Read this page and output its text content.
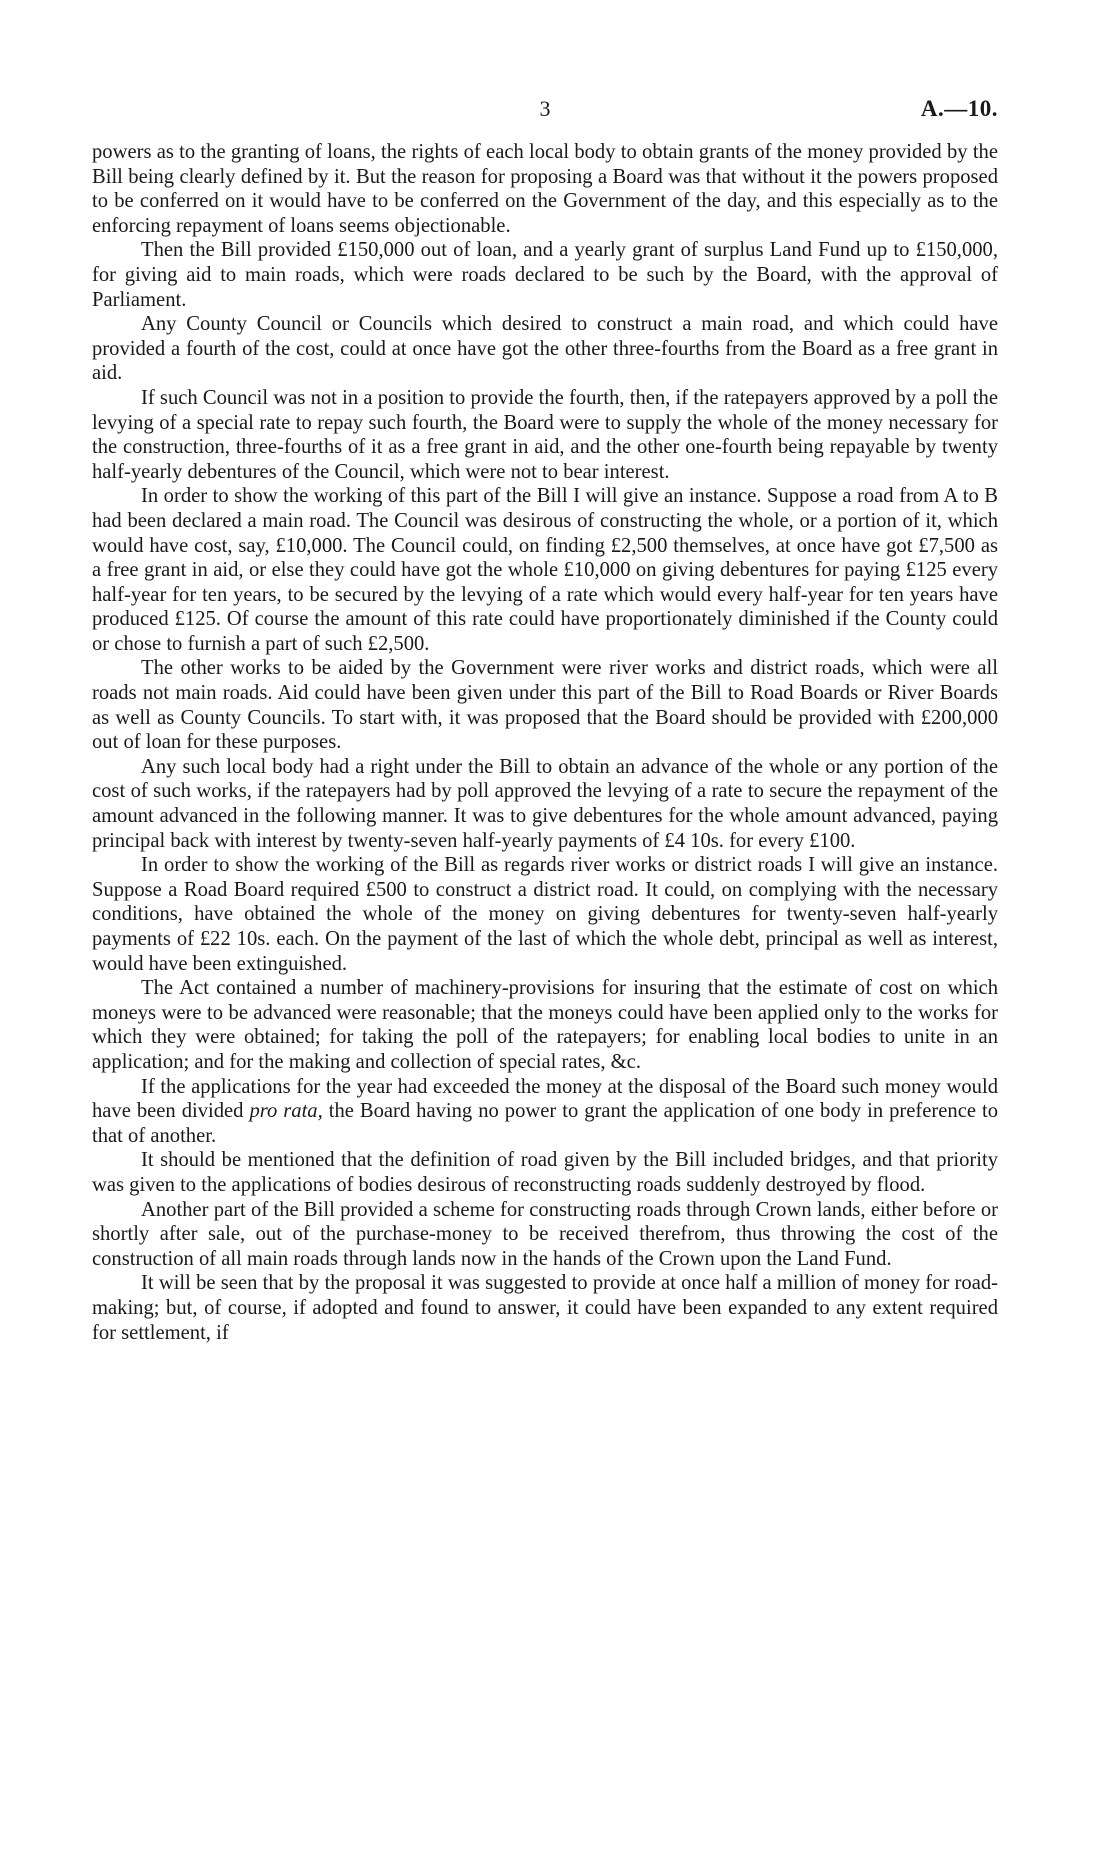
3	A.—10.

powers as to the granting of loans, the rights of each local body to obtain grants of the money provided by the Bill being clearly defined by it. But the reason for proposing a Board was that without it the powers proposed to be conferred on it would have to be conferred on the Government of the day, and this especially as to the enforcing repayment of loans seems objectionable.

Then the Bill provided £150,000 out of loan, and a yearly grant of surplus Land Fund up to £150,000, for giving aid to main roads, which were roads declared to be such by the Board, with the approval of Parliament.

Any County Council or Councils which desired to construct a main road, and which could have provided a fourth of the cost, could at once have got the other three-fourths from the Board as a free grant in aid.

If such Council was not in a position to provide the fourth, then, if the ratepayers approved by a poll the levying of a special rate to repay such fourth, the Board were to supply the whole of the money necessary for the construction, three-fourths of it as a free grant in aid, and the other one-fourth being repayable by twenty half-yearly debentures of the Council, which were not to bear interest.

In order to show the working of this part of the Bill I will give an instance. Suppose a road from A to B had been declared a main road. The Council was desirous of constructing the whole, or a portion of it, which would have cost, say, £10,000. The Council could, on finding £2,500 themselves, at once have got £7,500 as a free grant in aid, or else they could have got the whole £10,000 on giving debentures for paying £125 every half-year for ten years, to be secured by the levying of a rate which would every half-year for ten years have produced £125. Of course the amount of this rate could have proportionately diminished if the County could or chose to furnish a part of such £2,500.

The other works to be aided by the Government were river works and district roads, which were all roads not main roads. Aid could have been given under this part of the Bill to Road Boards or River Boards as well as County Councils. To start with, it was proposed that the Board should be provided with £200,000 out of loan for these purposes.

Any such local body had a right under the Bill to obtain an advance of the whole or any portion of the cost of such works, if the ratepayers had by poll approved the levying of a rate to secure the repayment of the amount advanced in the following manner. It was to give debentures for the whole amount advanced, paying principal back with interest by twenty-seven half-yearly payments of £4 10s. for every £100.

In order to show the working of the Bill as regards river works or district roads I will give an instance. Suppose a Road Board required £500 to construct a district road. It could, on complying with the necessary conditions, have obtained the whole of the money on giving debentures for twenty-seven half-yearly payments of £22 10s. each. On the payment of the last of which the whole debt, principal as well as interest, would have been extinguished.

The Act contained a number of machinery-provisions for insuring that the estimate of cost on which moneys were to be advanced were reasonable; that the moneys could have been applied only to the works for which they were obtained; for taking the poll of the ratepayers; for enabling local bodies to unite in an application; and for the making and collection of special rates, &c.

If the applications for the year had exceeded the money at the disposal of the Board such money would have been divided pro rata, the Board having no power to grant the application of one body in preference to that of another.

It should be mentioned that the definition of road given by the Bill included bridges, and that priority was given to the applications of bodies desirous of reconstructing roads suddenly destroyed by flood.

Another part of the Bill provided a scheme for constructing roads through Crown lands, either before or shortly after sale, out of the purchase-money to be received therefrom, thus throwing the cost of the construction of all main roads through lands now in the hands of the Crown upon the Land Fund.

It will be seen that by the proposal it was suggested to provide at once half a million of money for road-making; but, of course, if adopted and found to answer, it could have been expanded to any extent required for settlement, if
